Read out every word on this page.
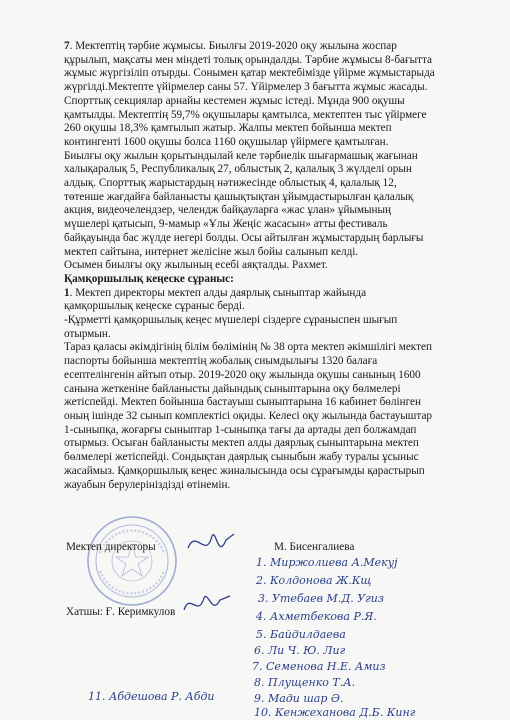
7. Мектептің тәрбие жұмысы. Биылғы 2019-2020 оқу жылына жоспар
құрылып, мақсаты мен міндеті толық орындалды. Тәрбие жұмысы 8-бағытта
жұмыс жүргізіліп отырды. Сонымен қатар мектебімізде үйірме жұмыстарыда
жүргілді.Мектепте үйірмелер саны 57. Үйірмелер 3 бағытта жұмыс жасады.
Спорттық секциялар арнайы кестемен жұмыс істеді. Мұнда 900 оқушы
қамтылды. Мектептің 59,7% оқушылары қамтылса, мектептен тыс үйірмеге
260 оқушы 18,3% қамтылып жатыр. Жалпы мектеп бойынша мектеп
контингенті 1600 оқушы болса 1160 оқушылар үйірмеге қамтылған.
Биылғы оқу жылын қорытындылай келе тәрбиелік шығармашық жағынан
халықаралық 5, Республикалық 27, облыстық 2, қалалық 3 жүлделі орын
алдық. Спорттық жарыстардың нәтижесінде облыстық 4, қалалық 12,
төтенше жағдайға байланысты қашықтықтан ұйымдастырылған қалалық
акция, видеочелендзер, челендж байқауларға «жас ұлан» ұйымының
мүшелері қатысып, 9-мамыр «Ұлы Жеңіс жасасын» атты фестиваль
байқауында бас жүлде иегері болды. Осы айтылған жұмыстардың барлығы
мектеп сайтына, интернет желісіне жыл бойы салынып келді.
Осымен биылғы оқу жылының есебі аяқталды. Рахмет.
Қамқоршылық кеңеске сұраныс:
1. Мектеп директоры мектеп алды даярлық сыныптар жайында
қамқоршылық кеңеске сұраныс берді.
-Құрметті қамқоршылық кеңес мүшелері сіздерге сұраныспен шығып
отырмын.
Тараз қаласы әкімдігінің білім бөлімінің № 38 орта мектеп әкімшілігі мектеп
паспорты бойынша мектептің жобалық сиымдылығы 1320 балаға
есептелінгенін айтып отыр. 2019-2020 оқу жылында оқушы санының 1600
санына жеткеніне байланысты дайындық сыныптарына оқу бөлмелері
жетіспейді. Мектеп бойынша бастауыш сыныптарына 16 кабинет бөлінген
оның ішінде 32 сынып комплектісі оқиды. Келесі оқу жылында бастауыштар
1-сыныпқа, жоғарғы сыныптар 1-сыныпқа тағы да артады деп болжамдап
отырмыз. Осыған байланысты мектеп алды даярлық сыныптарына мектеп
бөлмелері жетіспейді. Сондықтан даярлық сыныбын жабу туралы ұсыныс
жасаймыз. Қамқоршылық кеңес жиналысында осы сұрағымды қарастырып
жауабын берулерініздізді өтінемін.
Мектеп директоры	М. Бисенгалиева
Хатшы: Ғ. Керимкулов
1. Миржолиева А.Мекуј
2. Колдонова Ж.Кщ
3. Утебаев М.Д. Угиз
4. Ахметбекова Р.Я.
5. Байдилдаева
6. Ли Ч. Ю. Лиг
7. Семенова Н.Е. Амиз
8. Плущенко Т.А.
9. Мади шар Ә.
10. Кенжеханова Д.Б. Кинг
11. Абдешова Р. Абди
